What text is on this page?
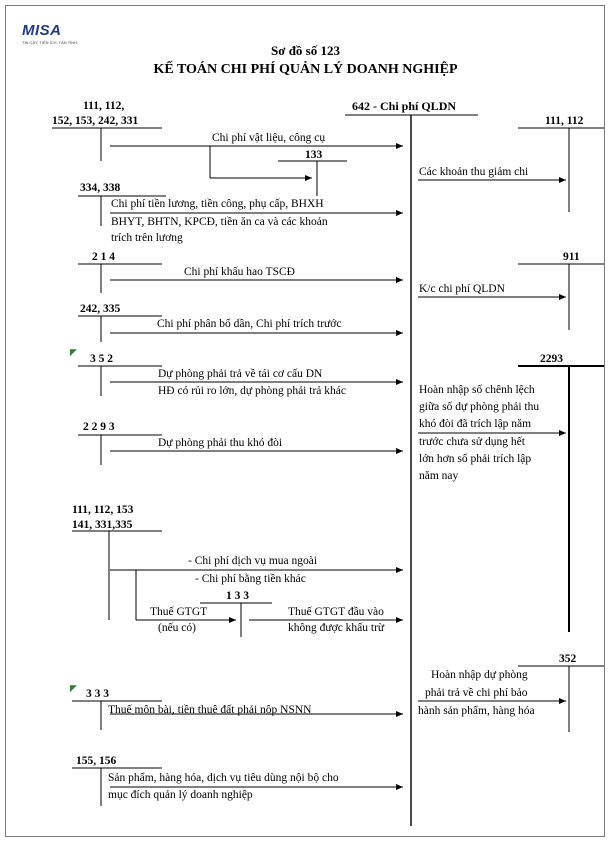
MISA
TIN CẬY, TIỆN ÍCH, TẬN TÌNH
Sơ đồ số 123
KẾ TOÁN CHI PHÍ QUẢN LÝ DOANH NGHIỆP
642 - Chi phí QLDN
111, 112,
152, 153, 242, 331
133
334, 338
2 1 4
242, 335
3 5 2
2 2 9 3
111, 112, 153
141, 331,335
1 3 3
3 3 3
155, 156
◤
◤
111, 112
911
2293
352
Chi phí vật liệu, công cụ
Chi phí tiền lương, tiền công, phụ cấp, BHXH
BHYT, BHTN, KPCĐ, tiền ăn ca và các khoản
trích trên lương
Chi phí khấu hao TSCĐ
Chi phí phân bổ dần, Chi phí trích trước
Dự phòng phải trả về tái cơ cấu DN
HĐ có rủi ro lớn, dự phòng phải trả khác
Dự phòng phải thu khó đòi
- Chi phí dịch vụ mua ngoài
- Chi phí bằng tiền khác
Thuế GTGT
(nếu có)
Thuế GTGT đầu vào
không được khấu trừ
Thuế môn bài, tiền thuê đất phải nộp NSNN
Sản phẩm, hàng hóa, dịch vụ tiêu dùng nội bộ cho
mục đích quản lý doanh nghiệp
Các khoản thu giảm chi
K/c chi phí QLDN
Hoàn nhập số chênh lệch
giữa số dự phòng phải thu
khó đòi đã trích lập năm
trước chưa sử dụng hết
lớn hơn số phải trích lập
năm nay
Hoàn nhập dự phòng
phải trả về chi phí bảo
hành sản phẩm, hàng hóa
